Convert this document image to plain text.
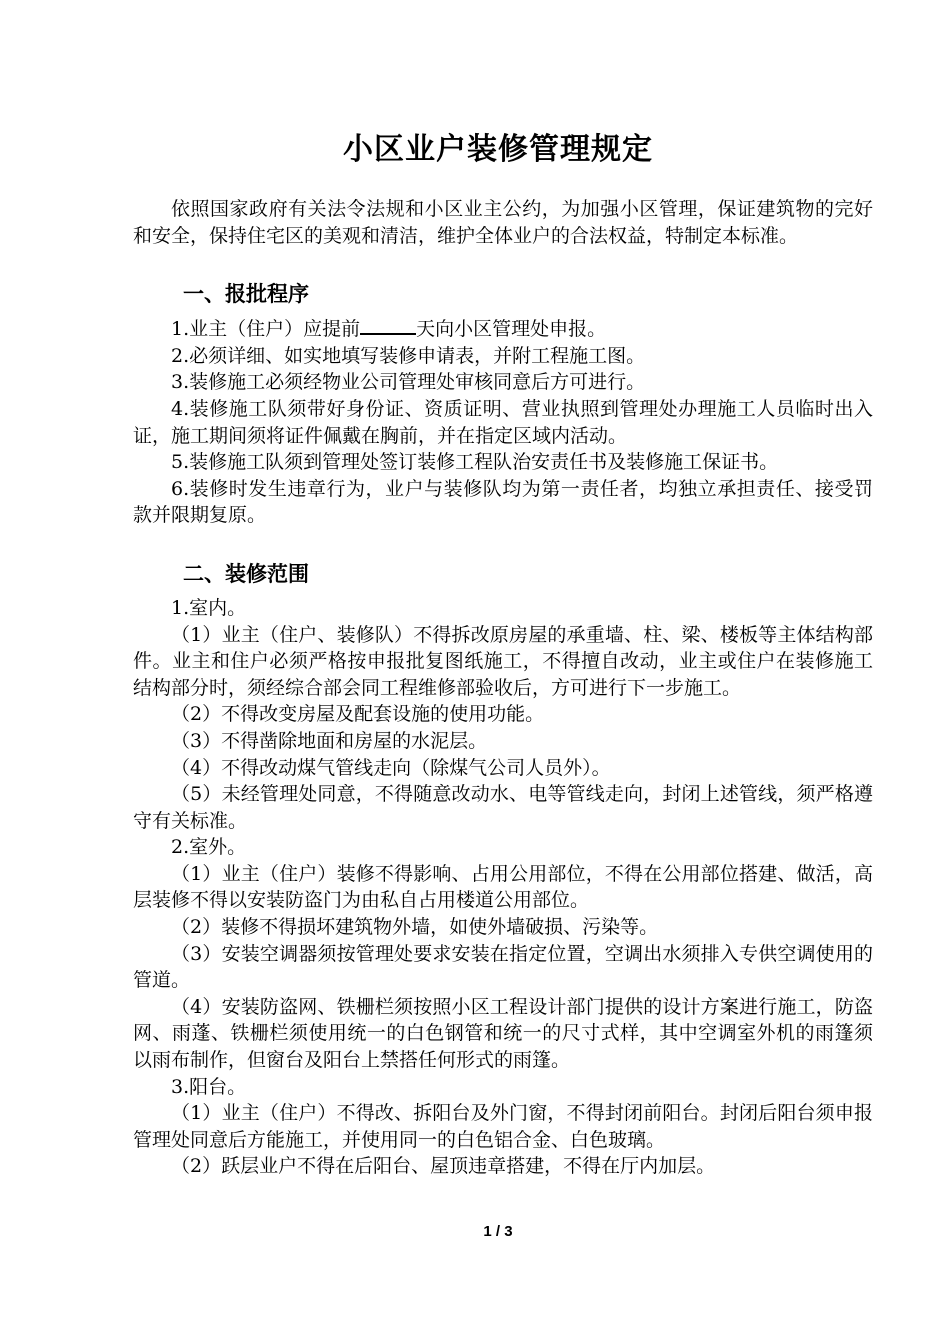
小区业户装修管理规定

依照国家政府有关法令法规和小区业主公约，为加强小区管理，保证建筑物的完好和安全，保持住宅区的美观和清洁，维护全体业户的合法权益，特制定本标准。

一、报批程序

1.业主（住户）应提前	天向小区管理处申报。

2.必须详细、如实地填写装修申请表，并附工程施工图。

3.装修施工必须经物业公司管理处审核同意后方可进行。

4.装修施工队须带好身份证、资质证明、营业执照到管理处办理施工人员临时出入证，施工期间须将证件佩戴在胸前，并在指定区域内活动。

5.装修施工队须到管理处签订装修工程队治安责任书及装修施工保证书。

6.装修时发生违章行为，业户与装修队均为第一责任者，均独立承担责任、接受罚款并限期复原。

二、装修范围

1.室内。

（1）业主（住户、装修队）不得拆改原房屋的承重墙、柱、梁、楼板等主体结构部件。业主和住户必须严格按申报批复图纸施工，不得擅自改动，业主或住户在装修施工结构部分时，须经综合部会同工程维修部验收后，方可进行下一步施工。

（2）不得改变房屋及配套设施的使用功能。

（3）不得凿除地面和房屋的水泥层。

（4）不得改动煤气管线走向（除煤气公司人员外）。

（5）未经管理处同意，不得随意改动水、电等管线走向，封闭上述管线，须严格遵守有关标准。

2.室外。

（1）业主（住户）装修不得影响、占用公用部位，不得在公用部位搭建、做活，高层装修不得以安装防盗门为由私自占用楼道公用部位。

（2）装修不得损坏建筑物外墙，如使外墙破损、污染等。

（3）安装空调器须按管理处要求安装在指定位置，空调出水须排入专供空调使用的管道。

（4）安装防盗网、铁栅栏须按照小区工程设计部门提供的设计方案进行施工，防盗网、雨蓬、铁栅栏须使用统一的白色钢管和统一的尺寸式样，其中空调室外机的雨篷须以雨布制作，但窗台及阳台上禁搭任何形式的雨篷。

3.阳台。

（1）业主（住户）不得改、拆阳台及外门窗，不得封闭前阳台。封闭后阳台须申报管理处同意后方能施工，并使用同一的白色铝合金、白色玻璃。

（2）跃层业户不得在后阳台、屋顶违章搭建，不得在厅内加层。

1 / 3
